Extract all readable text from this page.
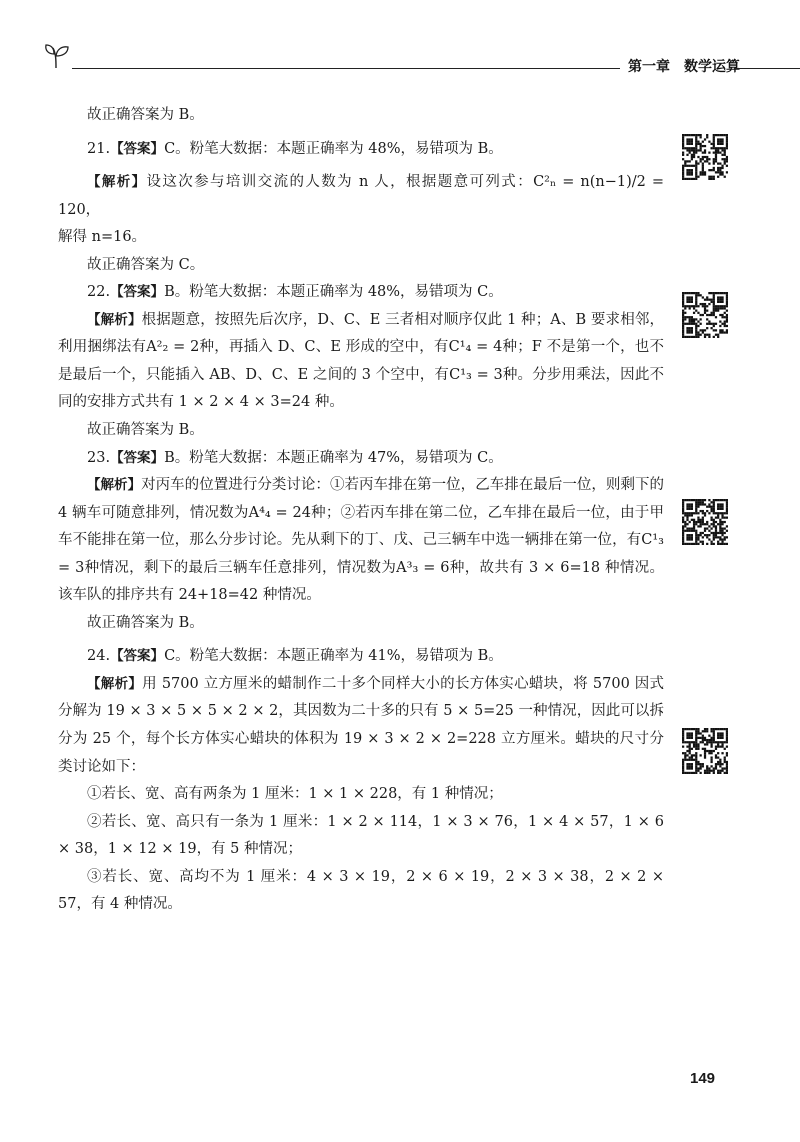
第一章 数学运算

故正确答案为 B。

21.【答案】C。粉笔大数据：本题正确率为 48%，易错项为 B。

【解析】设这次参与培训交流的人数为 n 人，根据题意可列式：C²ₙ = n(n−1)/2 = 120，

解得 n=16。

故正确答案为 C。

22.【答案】B。粉笔大数据：本题正确率为 48%，易错项为 C。

【解析】根据题意，按照先后次序，D、C、E 三者相对顺序仅此 1 种；A、B 要求相邻，利用捆绑法有A²₂ = 2种，再插入 D、C、E 形成的空中，有C¹₄ = 4种；F 不是第一个，也不是最后一个，只能插入 AB、D、C、E 之间的 3 个空中，有C¹₃ = 3种。分步用乘法，因此不同的安排方式共有 1 × 2 × 4 × 3=24 种。

故正确答案为 B。

23.【答案】B。粉笔大数据：本题正确率为 47%，易错项为 C。

【解析】对丙车的位置进行分类讨论：①若丙车排在第一位，乙车排在最后一位，则剩下的 4 辆车可随意排列，情况数为A⁴₄ = 24种；②若丙车排在第二位，乙车排在最后一位，由于甲车不能排在第一位，那么分步讨论。先从剩下的丁、戊、己三辆车中选一辆排在第一位，有C¹₃ = 3种情况，剩下的最后三辆车任意排列，情况数为A³₃ = 6种，故共有 3 × 6=18 种情况。该车队的排序共有 24+18=42 种情况。

故正确答案为 B。

24.【答案】C。粉笔大数据：本题正确率为 41%，易错项为 B。

【解析】用 5700 立方厘米的蜡制作二十多个同样大小的长方体实心蜡块，将 5700 因式分解为 19 × 3 × 5 × 5 × 2 × 2，其因数为二十多的只有 5 × 5=25 一种情况，因此可以拆分为 25 个，每个长方体实心蜡块的体积为 19 × 3 × 2 × 2=228 立方厘米。蜡块的尺寸分类讨论如下：

①若长、宽、高有两条为 1 厘米：1 × 1 × 228，有 1 种情况；

②若长、宽、高只有一条为 1 厘米：1 × 2 × 114，1 × 3 × 76，1 × 4 × 57，1 × 6 × 38，1 × 12 × 19，有 5 种情况；

③若长、宽、高均不为 1 厘米：4 × 3 × 19，2 × 6 × 19，2 × 3 × 38，2 × 2 × 57，有 4 种情况。

149
